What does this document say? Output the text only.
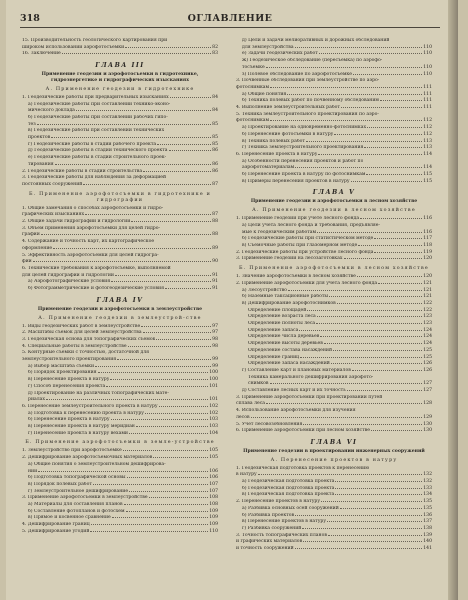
318	ОГЛАВЛЕНИЕ
15. Производительность геологического картирования при
широком использовании аэрофотосъемки	82
16. Заключение	83
ГЛАВА III
Применение геодезии и аэрофотосъемки в гидротехнике, гидроэнергетике и гидрографических изысканиях
А. Применение геодезии в гидротехнике
1. Геодезические работы при предварительных изысканиях	84
а) Геодезические работы при составлении технико-эконо-
мического доклада	84
б) Геодезические работы при составлении рабочих гипо-
тез	85
в) Геодезические работы при составлении технических
проектов	85
г) Геодезические работы в стадии рабочего проекта	85
д) Геодезические работы в стадии технического проекта	86
е) Геодезические работы в стадии строительного проек-
тирования	86
2. Геодезические работы в стадии строительства	86
3. Геодезические работы для наблюдения за деформацией
постоянных сооружений	87
Б. Применение аэрофотосъемки в гидротехнике и гидрографии
1. Общие замечания о способах аэрофотосъемки и гидро-
графических изысканиях	87
2. Общие задачи гидрографии и гидрологии	88
3. Объем применения аэрофотосъемки для целей гидро-
графии	88
4. Содержание и точность карт, их картографическое
оформление	89
5. Эффективность аэрофотосъемки для целей гидрогра-
фии	90
6. Технические требования к аэрофотосъемке, выполняемой
для целей гидрографии и гидрологии	91
а) Аэрофотографические условия	91
б) Фотограмметрические и фотогеодезические условия	91
ГЛАВА IV
Применение геодезии и аэрофотосъемки в землеустройстве
А. Применение геодезии в землеустрой-стве
1. Виды геодезических работ в землеустройстве	97
2. Масштабы съемок для целей землеустройства	97
3. Геодезическая основа для топографических съемок	98
4. Специальные работы в землеустройстве	98
5. Контурные съемки с точностью, достаточной для
землеустроительного проектирования	99
а) Выбор масштаба съемки	99
б) Порядок проектирования	100
в) Перенесение проекта в натуру	100
г) Способ перенесения проекта	101
д) Проектирование на различных топографических мате-
риалах	101
6. Перенесение землеустроительного проекта в натуру	102
а) Подготовка к перенесению проекта в натуру	102
б) Перенесение проекта в натуру	103
в) Перенесение проекта в натуру меридиан	103
г) Перенесение проекта в натуру вехами	104
Б. Применение аэрофотосъемки в земле-устройстве
1. Землеустройство при аэрофотосъемке	105
2. Дешифрирование аэрофотосъемочных материалов	105
а) Общие понятия о землеустроительном дешифрирова-
нии	106
б) Подготовка топографической основы	106
в) Порядок полевых работ	107
г) Землеустроительное дешифрирование	107
3. Применение аэрофотосъемки в землеустройстве	108
а) Материалы для составления планов	108
б) Составление фотопланов и фотосхем	109
в) Прямое и косвенное сравнение	109
4. Дешифрирование границ	109
5. Дешифрирование угодий	110
д) Цели и задачи мелиоративных и дорожных обследований
для землеустройства	110
е) Задачи геодезических работ	110
ж) Геодезическое обследование (пересъемка) по аэрофо-
тосъемке	110
з) Полевое обследование по аэрофотосъемке	110
3. Почвенные обследования при землеустройстве по аэро-
фотоснимкам	111
а) Общие понятия	111
б) Техника полевых работ по почвенному обследованию	111
4. Выполнение землеустроительных работ	111
5. Техника землеустроительного проектирования по аэро-
фотоснимкам	112
а) Проектирование на одновременно-фотоснимках	112
б) Перенесение фотосъемки в натуру	112
в) Техника полевых работ	113
г) Техника землеустроительного проектирования	113
6. Перенесение проекта в натуру	114
а) Особенности перенесения проектов и работ по
аэрофотоматериалам	114
б) Перенесение проекта в натуру по фотоснимкам	115
в) Примеры перенесения проектов в натуру	115
ГЛАВА V
Применение геодезии и аэрофотосъемки в лесном хозяйстве
А. Применение геодезии в лесном хозяйстве
1. Применение геодезии при учете лесного фонда	116
а) Цели учета лесного фонда и требования, предъявляе-
мые к геодезическим работам	116
б) Геодезические работы при статистическом методе	117
в) Съемочные работы при глазомерном методе	118
2. Геодезические работы при устройстве лесного фонда	119
3. Применение геодезии на лесозаготовках	120
Б. Применение аэрофотосъемки в лесном хозяйстве
1. Значение аэрофотосъемки в лесном хозяйстве	120
2. Применение аэрофотосъемки для учета лесного фонда	121
а) Лесоустройство	121
б) Наземные таксационные работы	121
в) Дешифрирование аэрофотоснимков	122
Определение площадей	122
Определение возраста леса	123
Определение полноты леса	123
Определение запаса	124
Определение числа деревьев	124
Определение высоты деревьев	124
Определение состава насаждений	125
Определение границ	125
Определение запаса насаждений	126
г) Составление карт и плановых материалов	126
Техника камерального дешифрирования аэрофото-
снимков	127
д) Составление лесных карт и их точность	127
3. Применение аэрофотосъемки при проектировании путей
сплава леса	128
4. Использование аэрофотосъемки для изучения
лесов	129
5. Учет лесовозобновления	130
6. Применение аэрофотосъемки при лесном хозяйстве	130
ГЛАВА VI
Применение геодезии в проектировании инженерных сооружений
А. Перенесение проектов в натуру
1. Геодезическая подготовка проектов к перенесению
в натуру	132
а) Геодезическая подготовка проекта	132
б) Геодезическая подготовка проекта	133
в) Геодезическая подготовка проекта	134
2. Перенесение проектов в натуру	135
а) Разбивка основных осей сооружений	135
б) Разбивка проектов	136
в) Перенесение проектов в натуру	137
г) Разбивка сооружений	138
3. Точность топографических планов	139
и графических материалов	140
и точность сооружений	141
